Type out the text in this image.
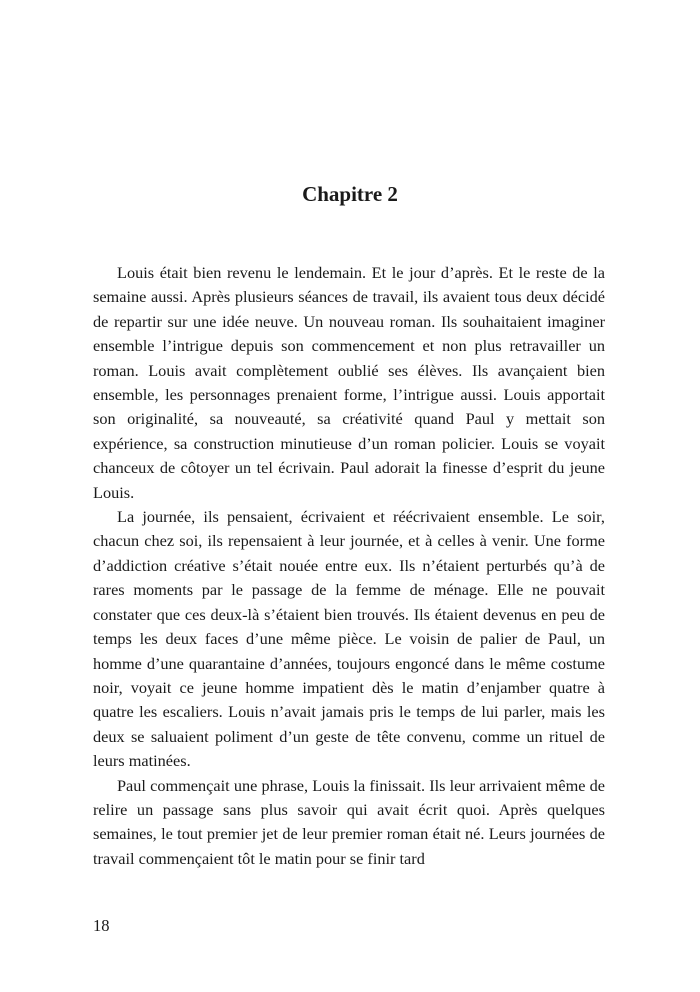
Chapitre 2

Louis était bien revenu le lendemain. Et le jour d’après. Et le reste de la semaine aussi. Après plusieurs séances de travail, ils avaient tous deux décidé de repartir sur une idée neuve. Un nouveau roman. Ils souhaitaient imaginer ensemble l’intrigue depuis son commencement et non plus retravailler un roman. Louis avait complètement oublié ses élèves. Ils avançaient bien ensemble, les personnages prenaient forme, l’intrigue aussi. Louis apportait son originalité, sa nouveauté, sa créativité quand Paul y mettait son expérience, sa construction minutieuse d’un roman policier. Louis se voyait chanceux de côtoyer un tel écrivain. Paul adorait la finesse d’esprit du jeune Louis.

La journée, ils pensaient, écrivaient et réécrivaient ensemble. Le soir, chacun chez soi, ils repensaient à leur journée, et à celles à venir. Une forme d’addiction créative s’était nouée entre eux. Ils n’étaient perturbés qu’à de rares moments par le passage de la femme de ménage. Elle ne pouvait constater que ces deux-là s’étaient bien trouvés. Ils étaient devenus en peu de temps les deux faces d’une même pièce. Le voisin de palier de Paul, un homme d’une quarantaine d’années, toujours engoncé dans le même costume noir, voyait ce jeune homme impatient dès le matin d’enjamber quatre à quatre les escaliers. Louis n’avait jamais pris le temps de lui parler, mais les deux se saluaient poliment d’un geste de tête convenu, comme un rituel de leurs matinées.

Paul commençait une phrase, Louis la finissait. Ils leur arrivaient même de relire un passage sans plus savoir qui avait écrit quoi. Après quelques semaines, le tout premier jet de leur premier roman était né. Leurs journées de travail commençaient tôt le matin pour se finir tard

18
